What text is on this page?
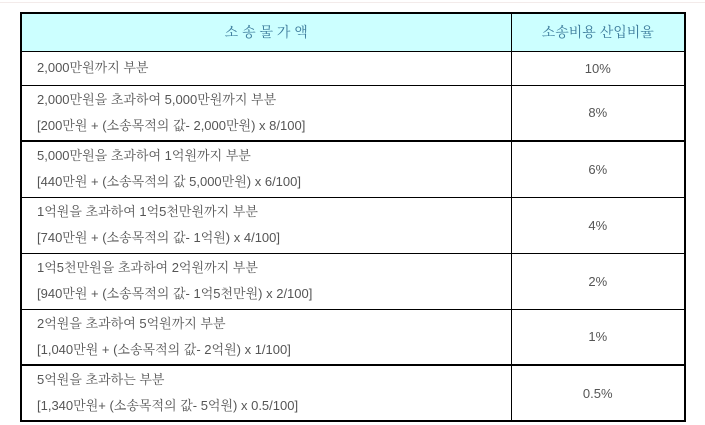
소 송 물 가 액	소송비용 산입비율

2,000만원까지 부분	10%

2,000만원을 초과하여 5,000만원까지 부분
[200만원 + (소송목적의 값- 2,000만원) x 8/100]	8%

5,000만원을 초과하여 1억원까지 부분
[440만원 + (소송목적의 값 5,000만원) x 6/100]	6%

1억원을 초과하여 1억5천만원까지 부분
[740만원 + (소송목적의 값- 1억원) x 4/100]	4%

1억5천만원을 초과하여 2억원까지 부분
[940만원 + (소송목적의 값- 1억5천만원) x 2/100]	2%

2억원을 초과하여 5억원까지 부분
[1,040만원 + (소송목적의 값- 2억원) x 1/100]	1%

5억원을 초과하는 부분
[1,340만원+ (소송목적의 값- 5억원) x 0.5/100]	0.5%
